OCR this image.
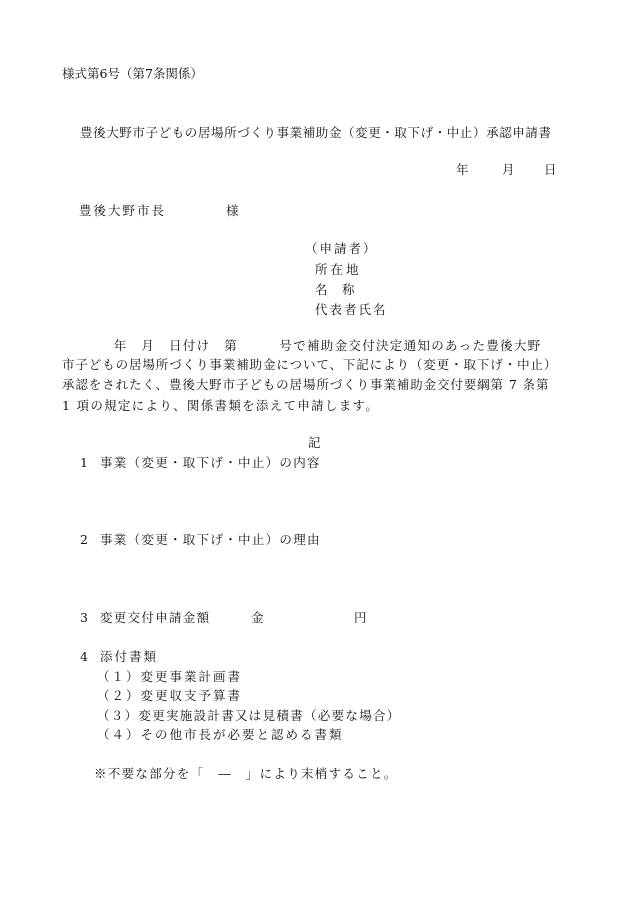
様式第6号（第7条関係）
豊後大野市子どもの居場所づくり事業補助金（変更・取下げ・中止）承認申請書
年	月 日
豊後大野市長	様
（申請者）
所在地
名　称
代表者氏名
　年　月　日付け　第　　　号で補助金交付決定通知のあった豊後大野
市子どもの居場所づくり事業補助金について、下記により（変更・取下げ・中止）
承認をされたく、豊後大野市子どもの居場所づくり事業補助金交付要綱第 7 条第
1 項の規定により、関係書類を添えて申請します。
記
1 事業（変更・取下げ・中止）の内容
2 事業（変更・取下げ・中止）の理由
3 変更交付申請金額	金	円
4 添付書類
（１）変更事業計画書
（２）変更収支予算書
（３）変更実施設計書又は見積書（必要な場合）
（４）その他市長が必要と認める書類
※不要な部分を「　―　」により末梢すること。
